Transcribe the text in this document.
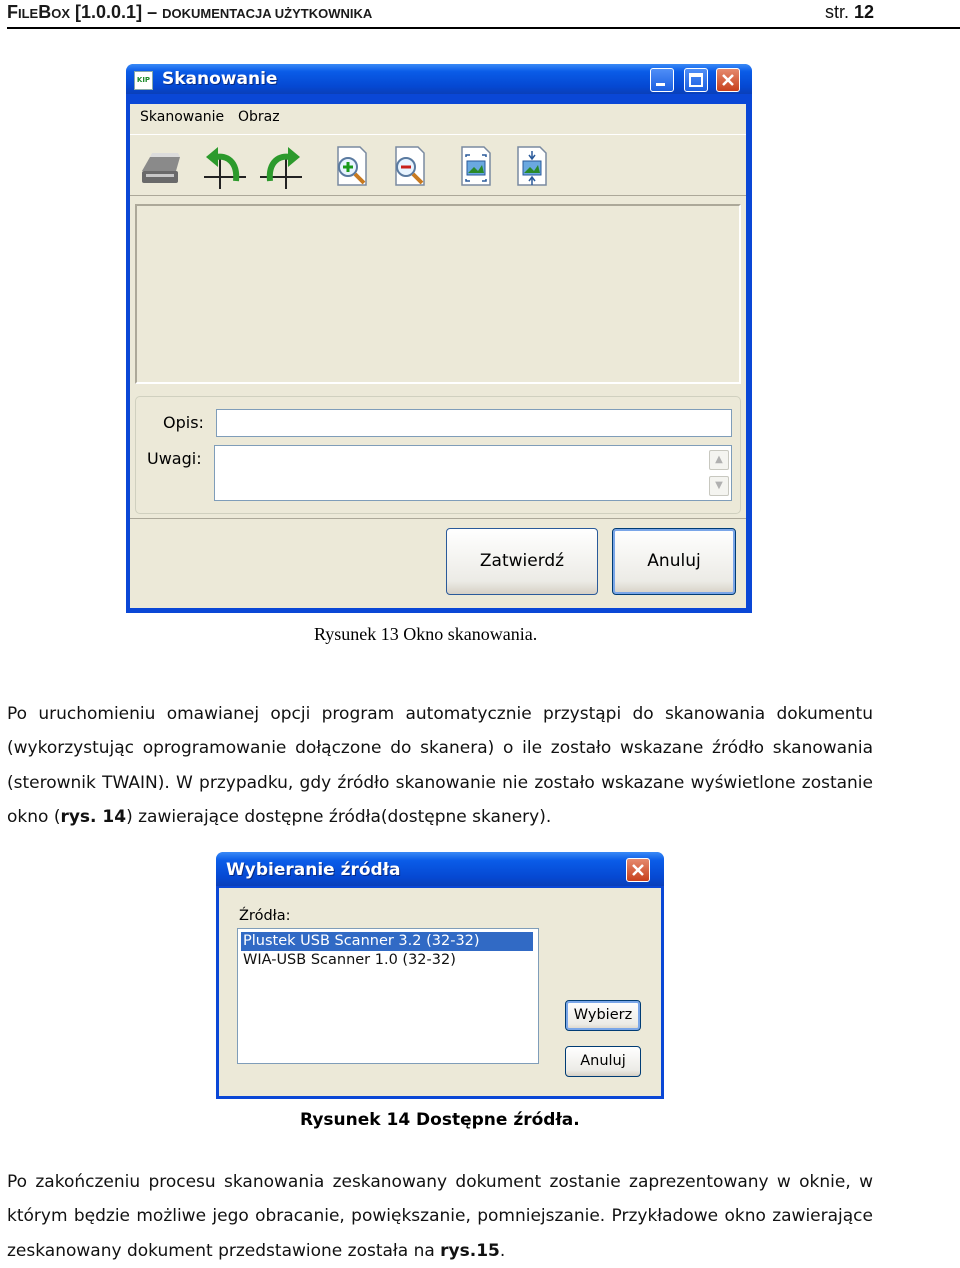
FILEBOX [1.0.0.1] – DOKUMENTACJA UŻYTKOWNIKA	str. 12
KIP Skanowanie
Skanowanie Obraz
Opis:
Uwagi:	▲
▼
Zatwierdź	Anuluj
Rysunek 13 Okno skanowania.
Po uruchomieniu omawianej opcji program automatycznie przystąpi do skanowania dokumentu
(wykorzystując oprogramowanie dołączone do skanera) o ile zostało wskazane źródło skanowania
(sterownik TWAIN). W przypadku, gdy źródło skanowanie nie zostało wskazane wyświetlone zostanie
okno (rys. 14) zawierające dostępne źródła(dostępne skanery).
Wybieranie źródła
Źródła:
Plustek USB Scanner 3.2 (32-32)
WIA-USB Scanner 1.0 (32-32)
Wybierz
Anuluj
Rysunek 14 Dostępne źródła.
Po zakończeniu procesu skanowania zeskanowany dokument zostanie zaprezentowany w oknie, w
którym będzie możliwe jego obracanie, powiększanie, pomniejszanie. Przykładowe okno zawierające
zeskanowany dokument przedstawione została na rys.15.
